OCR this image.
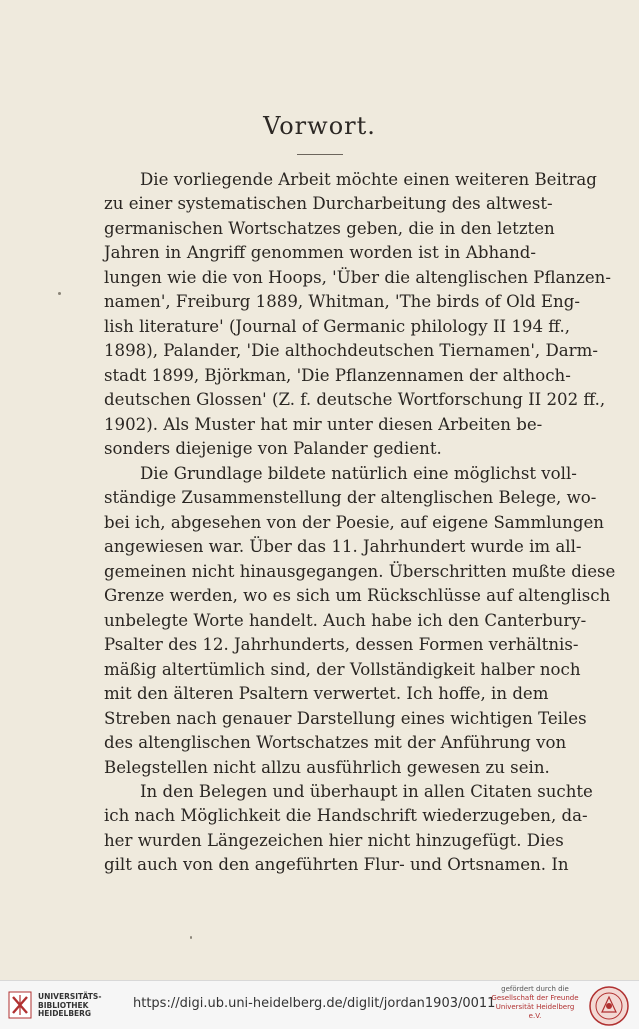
Vorwort.
Die vorliegende Arbeit möchte einen weiteren Beitrag
zu einer systematischen Durcharbeitung des altwest-
germanischen Wortschatzes geben, die in den letzten
Jahren in Angriff genommen worden ist in Abhand-
lungen wie die von Hoops, 'Über die altenglischen Pflanzen-
namen', Freiburg 1889, Whitman, 'The birds of Old Eng-
lish literature' (Journal of Germanic philology II 194 ff.,
1898), Palander, 'Die althochdeutschen Tiernamen', Darm-
stadt 1899, Björkman, 'Die Pflanzennamen der althoch-
deutschen Glossen' (Z. f. deutsche Wortforschung II 202 ff.,
1902). Als Muster hat mir unter diesen Arbeiten be-
sonders diejenige von Palander gedient.
Die Grundlage bildete natürlich eine möglichst voll-
ständige Zusammenstellung der altenglischen Belege, wo-
bei ich, abgesehen von der Poesie, auf eigene Sammlungen
angewiesen war. Über das 11. Jahrhundert wurde im all-
gemeinen nicht hinausgegangen. Überschritten mußte diese
Grenze werden, wo es sich um Rückschlüsse auf altenglisch
unbelegte Worte handelt. Auch habe ich den Canterbury-
Psalter des 12. Jahrhunderts, dessen Formen verhältnis-
mäßig altertümlich sind, der Vollständigkeit halber noch
mit den älteren Psaltern verwertet. Ich hoffe, in dem
Streben nach genauer Darstellung eines wichtigen Teiles
des altenglischen Wortschatzes mit der Anführung von
Belegstellen nicht allzu ausführlich gewesen zu sein.
In den Belegen und überhaupt in allen Citaten suchte
ich nach Möglichkeit die Handschrift wiederzugeben, da-
her wurden Längezeichen hier nicht hinzugefügt. Dies
gilt auch von den angeführten Flur- und Ortsnamen. In
UNIVERSITÄTS-
BIBLIOTHEK
HEIDELBERG
https://digi.ub.uni-heidelberg.de/diglit/jordan1903/0011
gefördert durch die
Gesellschaft der Freunde
Universität Heidelberg e.V.
